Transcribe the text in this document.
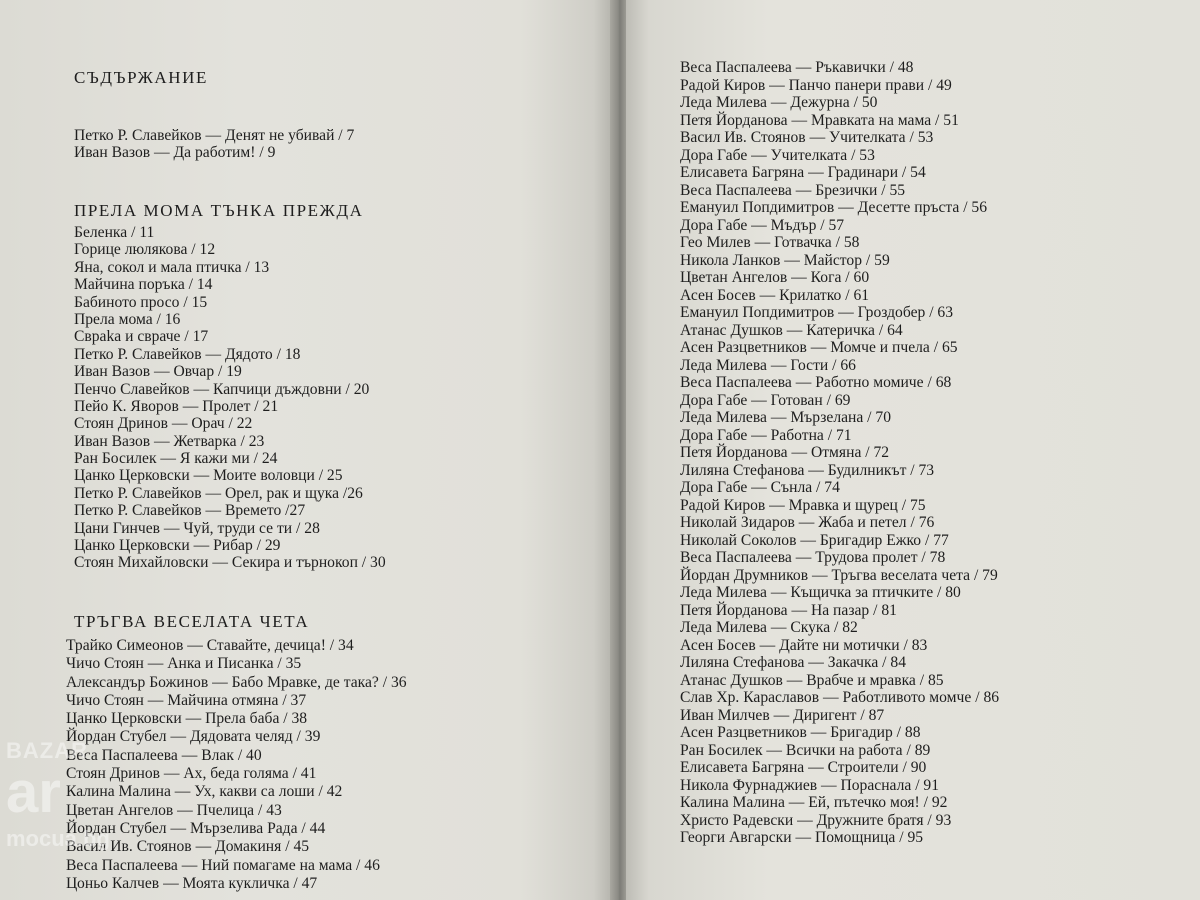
СЪДЪРЖАНИЕ
Петко Р. Славейков — Денят не убивай / 7
Иван Вазов — Да работим! / 9
ПРЕЛА МОМА ТЪНКА ПРЕЖДА
Беленка / 11
Горице люлякова / 12
Яна, сокол и мала птичка / 13
Майчина поръка / 14
Бабиното просо / 15
Прела мома / 16
Свраka и свраче / 17
Петко Р. Славейков — Дядото / 18
Иван Вазов — Овчар / 19
Пенчо Славейков — Капчици дъждовни / 20
Пейо К. Яворов — Пролет / 21
Стоян Дринов — Орач / 22
Иван Вазов — Жетварка / 23
Ран Босилек — Я кажи ми / 24
Цанко Церковски — Моите воловци / 25
Петко Р. Славейков — Орел, рак и щука /26
Петко Р. Славейков — Времето /27
Цани Гинчев — Чуй, труди се ти / 28
Цанко Церковски — Рибар / 29
Стоян Михайловски — Секира и търнокоп / 30
ТРЪГВА ВЕСЕЛАТА ЧЕТА
Трайко Симеонов — Ставайте, дечица! / 34
Чичо Стоян — Анка и Писанка / 35
Александър Божинов — Бабо Мравке, де така? / 36
Чичо Стоян — Майчина отмяна / 37
Цанко Церковски — Прела баба / 38
Йордан Стубел — Дядовата челяд / 39
Веса Паспалеева — Влак / 40
Стоян Дринов — Ах, беда голяма / 41
Калина Малина — Ух, какви са лоши / 42
Цветан Ангелов — Пчелица / 43
Йордан Стубел — Мързелива Рада / 44
Васил Ив. Стоянов — Домакиня / 45
Веса Паспалеева — Ний помагаме на мама / 46
Цоньо Калчев — Моята кукличка / 47
BAZAR
ar
mocua.bg
Веса Паспалеева — Ръкавички / 48
Радой Киров — Панчо панери прави / 49
Леда Милева — Дежурна / 50
Петя Йорданова — Мравката на мама / 51
Васил Ив. Стоянов — Учителката / 53
Дора Габе — Учителката / 53
Елисавета Багряна — Градинари / 54
Веса Паспалеева — Брезички / 55
Емануил Попдимитров — Десетте пръста / 56
Дора Габе — Мъдър / 57
Гео Милев — Готвачка / 58
Никола Ланков — Майстор / 59
Цветан Ангелов — Кога / 60
Асен Босев — Крилатко / 61
Емануил Попдимитров — Гроздобер / 63
Атанас Душков — Катеричка / 64
Асен Разцветников — Момче и пчела / 65
Леда Милева — Гости / 66
Веса Паспалеева — Работно момиче / 68
Дора Габе — Готован / 69
Леда Милева — Мързелана / 70
Дора Габе — Работна / 71
Петя Йорданова — Отмяна / 72
Лиляна Стефанова — Будилникът / 73
Дора Габе — Сънла / 74
Радой Киров — Мравка и щурец / 75
Николай Зидаров — Жаба и петел / 76
Николай Соколов — Бригадир Ежко / 77
Веса Паспалеева — Трудова пролет / 78
Йордан Друмников — Тръгва веселата чета / 79
Леда Милева — Къщичка за птичките / 80
Петя Йорданова — На пазар / 81
Леда Милева — Скука / 82
Асен Босев — Дайте ни мотички / 83
Лиляна Стефанова — Закачка / 84
Атанас Душков — Врабче и мравка / 85
Слав Хр. Караславов — Работливото момче / 86
Иван Милчев — Диригент / 87
Асен Разцветников — Бригадир / 88
Ран Босилек — Всички на работа / 89
Елисавета Багряна — Строители / 90
Никола Фурнаджиев — Порaснала / 91
Калина Малина — Ей, пътечко моя! / 92
Христо Радевски — Дружните братя / 93
Георги Авгарски — Помощница / 95
